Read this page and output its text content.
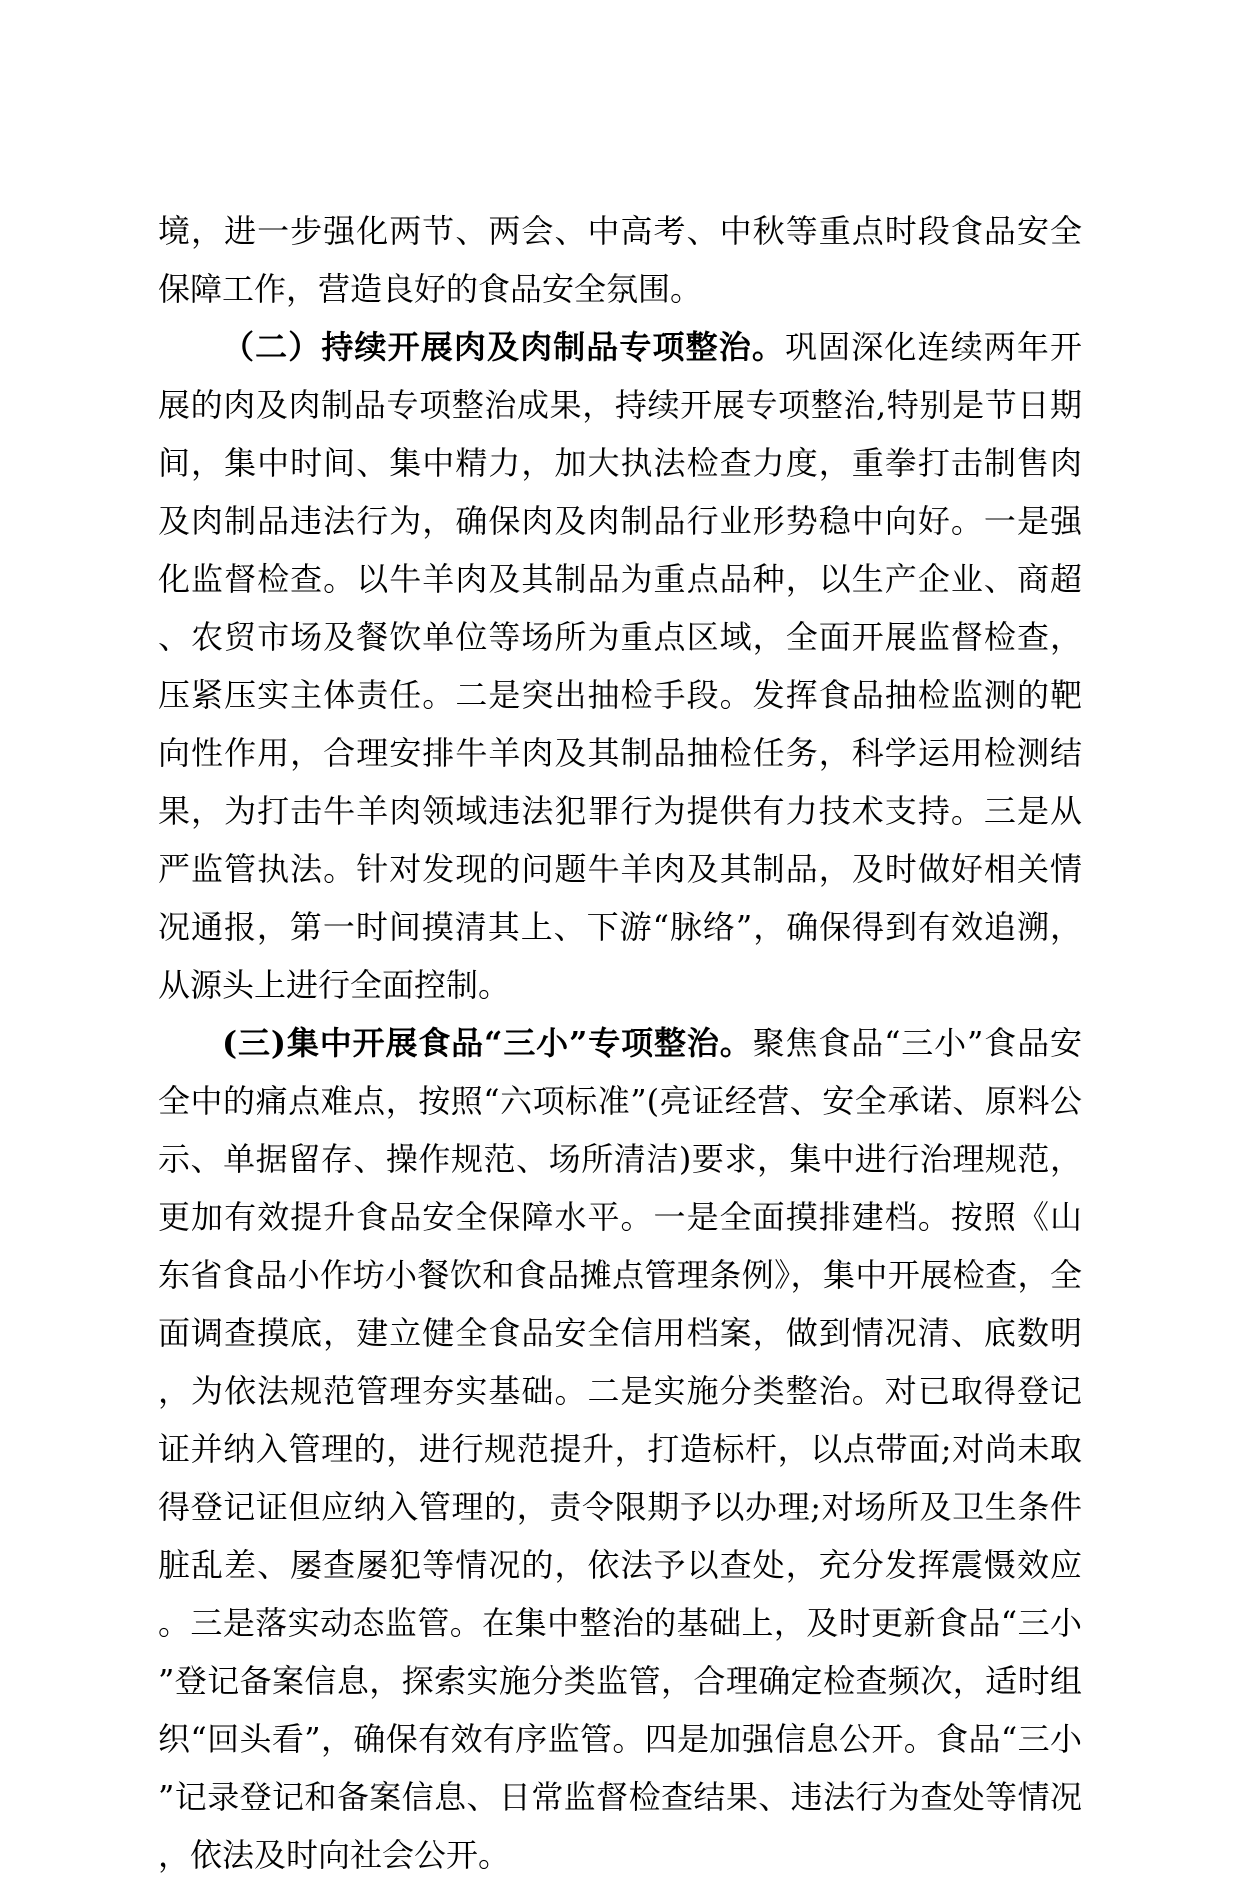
境，进一步强化两节、两会、中高考、中秋等重点时段食品安全保障工作，营造良好的食品安全氛围。

（二）持续开展肉及肉制品专项整治。巩固深化连续两年开展的肉及肉制品专项整治成果，持续开展专项整治,特别是节日期间，集中时间、集中精力，加大执法检查力度，重拳打击制售肉及肉制品违法行为，确保肉及肉制品行业形势稳中向好。一是强化监督检查。以牛羊肉及其制品为重点品种，以生产企业、商超、农贸市场及餐饮单位等场所为重点区域，全面开展监督检查，压紧压实主体责任。二是突出抽检手段。发挥食品抽检监测的靶向性作用，合理安排牛羊肉及其制品抽检任务，科学运用检测结果，为打击牛羊肉领域违法犯罪行为提供有力技术支持。三是从严监管执法。针对发现的问题牛羊肉及其制品，及时做好相关情况通报，第一时间摸清其上、下游“脉络”，确保得到有效追溯，从源头上进行全面控制。

(三)集中开展食品“三小”专项整治。聚焦食品“三小”食品安全中的痛点难点，按照“六项标准”(亮证经营、安全承诺、原料公示、单据留存、操作规范、场所清洁)要求，集中进行治理规范，更加有效提升食品安全保障水平。一是全面摸排建档。按照《山东省食品小作坊小餐饮和食品摊点管理条例》，集中开展检查，全面调查摸底，建立健全食品安全信用档案，做到情况清、底数明，为依法规范管理夯实基础。二是实施分类整治。对已取得登记证并纳入管理的，进行规范提升，打造标杆，以点带面;对尚未取得登记证但应纳入管理的，责令限期予以办理;对场所及卫生条件脏乱差、屡查屡犯等情况的，依法予以查处，充分发挥震慑效应。三是落实动态监管。在集中整治的基础上，及时更新食品“三小”登记备案信息，探索实施分类监管，合理确定检查频次，适时组织“回头看”，确保有效有序监管。四是加强信息公开。食品“三小”记录登记和备案信息、日常监督检查结果、违法行为查处等情况，依法及时向社会公开。
